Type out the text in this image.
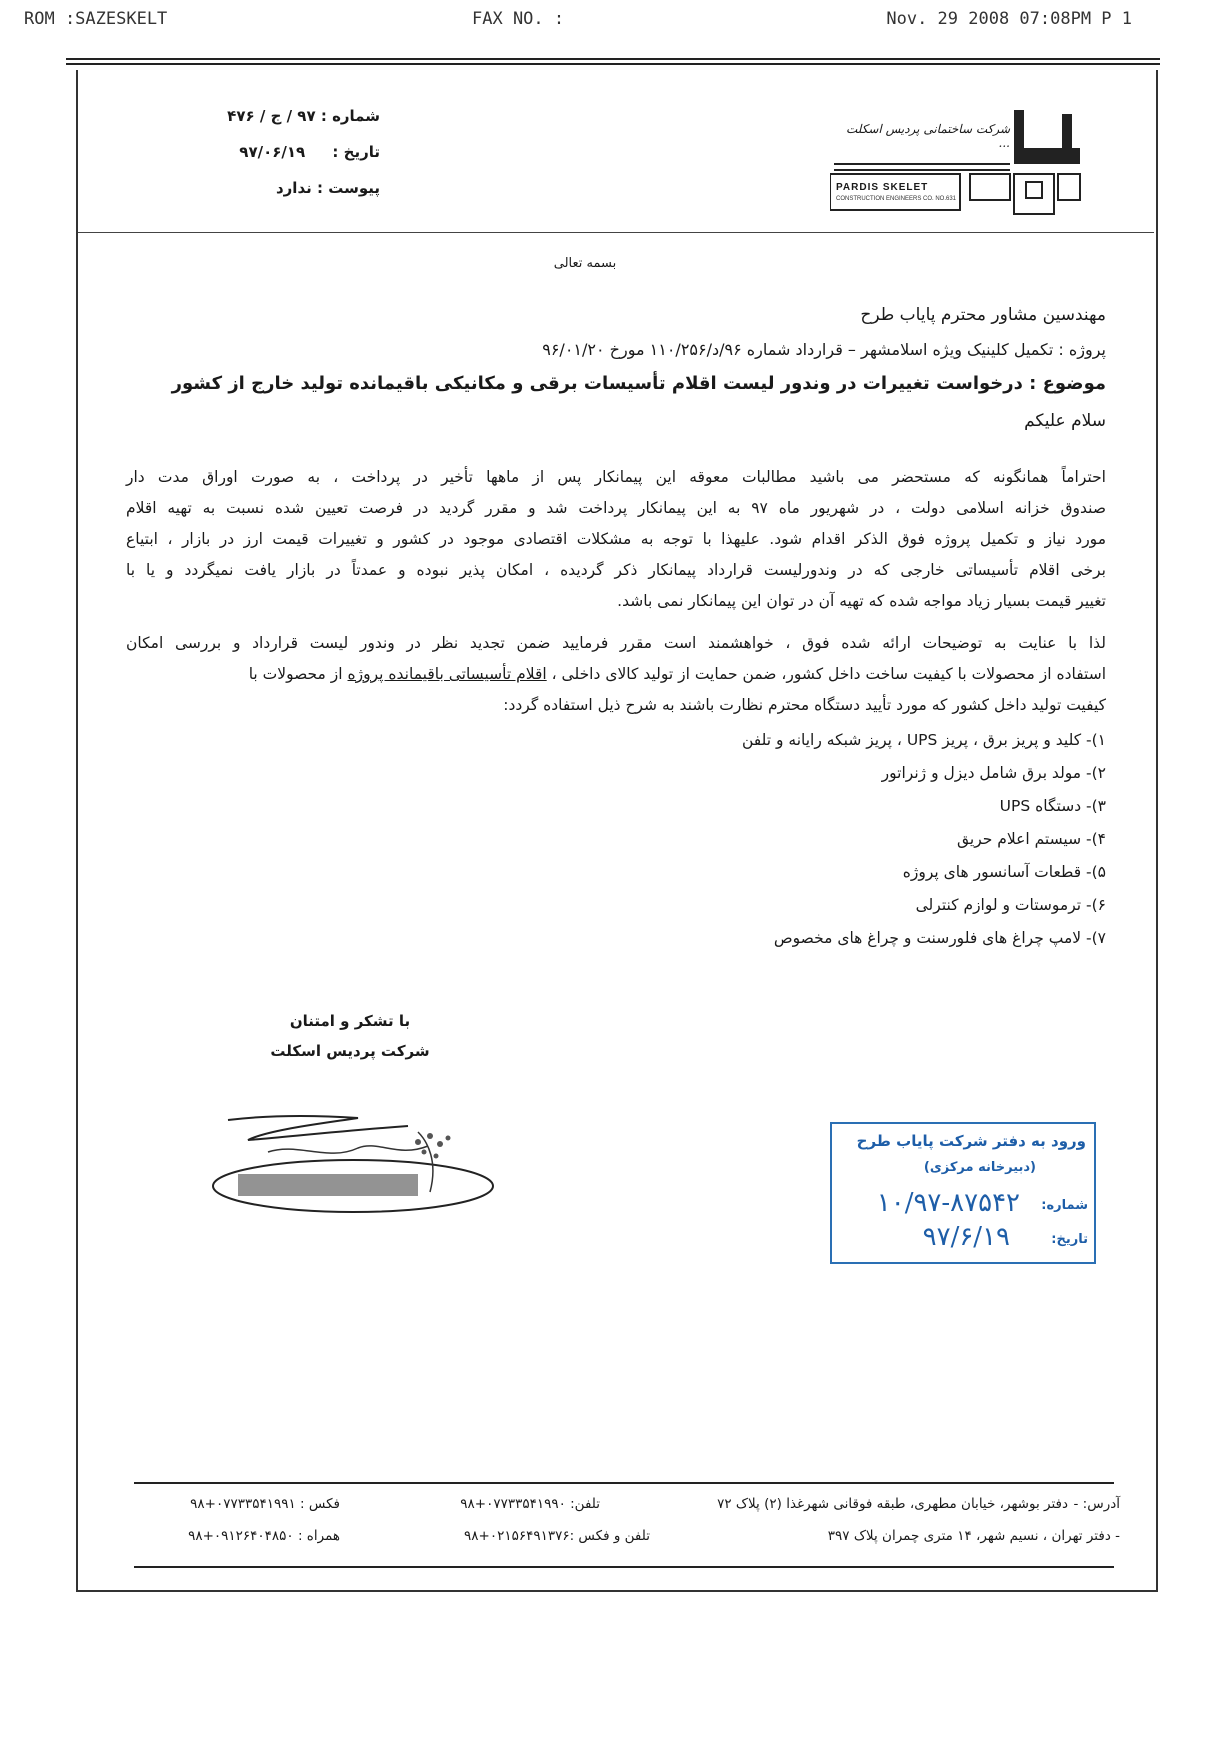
ROM :SAZESKELT	FAX NO. :	Nov. 29 2008 07:08PM P 1
شماره : ۹۷ / ج / ۴۷۶
تاریخ : ۹۷/۰۶/۱۹
پیوست : ندارد
شرکت ساختمانی پردیس اسکلت ...
PARDIS SKELET
CONSTRUCTION ENGINEERS CO. NO.631
بسمه تعالی
مهندسین مشاور محترم پایاب طرح
پروژه : تکمیل کلینیک ویژه اسلامشهر – قرارداد شماره ۹۶/د/۱۱۰/۲۵۶ مورخ ۹۶/۰۱/۲۰
موضوع : درخواست تغییرات در وندور لیست اقلام تأسیسات برقی و مکانیکی باقیمانده تولید خارج از کشور
سلام علیکم
احتراماً همانگونه که مستحضر می باشید مطالبات معوقه این پیمانکار پس از ماهها تأخیر در پرداخت ، به صورت اوراق مدت دار
صندوق خزانه اسلامی دولت ، در شهریور ماه ۹۷ به این پیمانکار پرداخت شد و مقرر گردید در فرصت تعیین شده نسبت به تهیه اقلام
مورد نیاز و تکمیل پروژه فوق الذکر اقدام شود. علیهذا با توجه به مشکلات اقتصادی موجود در کشور و تغییرات قیمت ارز در بازار ، ابتیاع
برخی اقلام تأسیساتی خارجی که در وندورلیست قرارداد پیمانکار ذکر گردیده ، امکان پذیر نبوده و عمدتاً در بازار یافت نمیگردد و یا با
تغییر قیمت بسیار زیاد مواجه شده که تهیه آن در توان این پیمانکار نمی باشد.
لذا با عنایت به توضیحات ارائه شده فوق ، خواهشمند است مقرر فرمایید ضمن تجدید نظر در وندور لیست قرارداد و بررسی امکان
استفاده از محصولات با کیفیت ساخت داخل کشور، ضمن حمایت از تولید کالای داخلی ، اقلام تأسیساتی باقیمانده پروژه از محصولات با
کیفیت تولید داخل کشور که مورد تأیید دستگاه محترم نظارت باشند به شرح ذیل استفاده گردد:
۱)- کلید و پریز برق ، پریز UPS ، پریز شبکه رایانه و تلفن
۲)- مولد برق شامل دیزل و ژنراتور
۳)- دستگاه UPS
۴)- سیستم اعلام حریق
۵)- قطعات آسانسور های پروژه
۶)- ترموستات و لوازم کنترلی
۷)- لامپ چراغ های فلورسنت و چراغ های مخصوص
با تشکر و امتنان
شرکت پردیس اسکلت
ورود به دفتر شرکت پایاب طرح
(دبیرخانه مرکزی)
شماره:
۱۰/۹۷-۸۷۵۴۲
تاریخ:
۹۷/۶/۱۹
آدرس: -
دفتر بوشهر، خیابان مطهری، طبقه فوقانی شهرغذا (۲) پلاک ۷۲
تلفن: ۰۷۷۳۳۵۴۱۹۹۰+۹۸
فکس : ۰۷۷۳۳۵۴۱۹۹۱+۹۸
- دفتر تهران ، نسیم شهر، ۱۴ متری چمران پلاک ۳۹۷
تلفن و فکس :۰۲۱۵۶۴۹۱۳۷۶+۹۸
همراه : ۰۹۱۲۶۴۰۴۸۵۰+۹۸
